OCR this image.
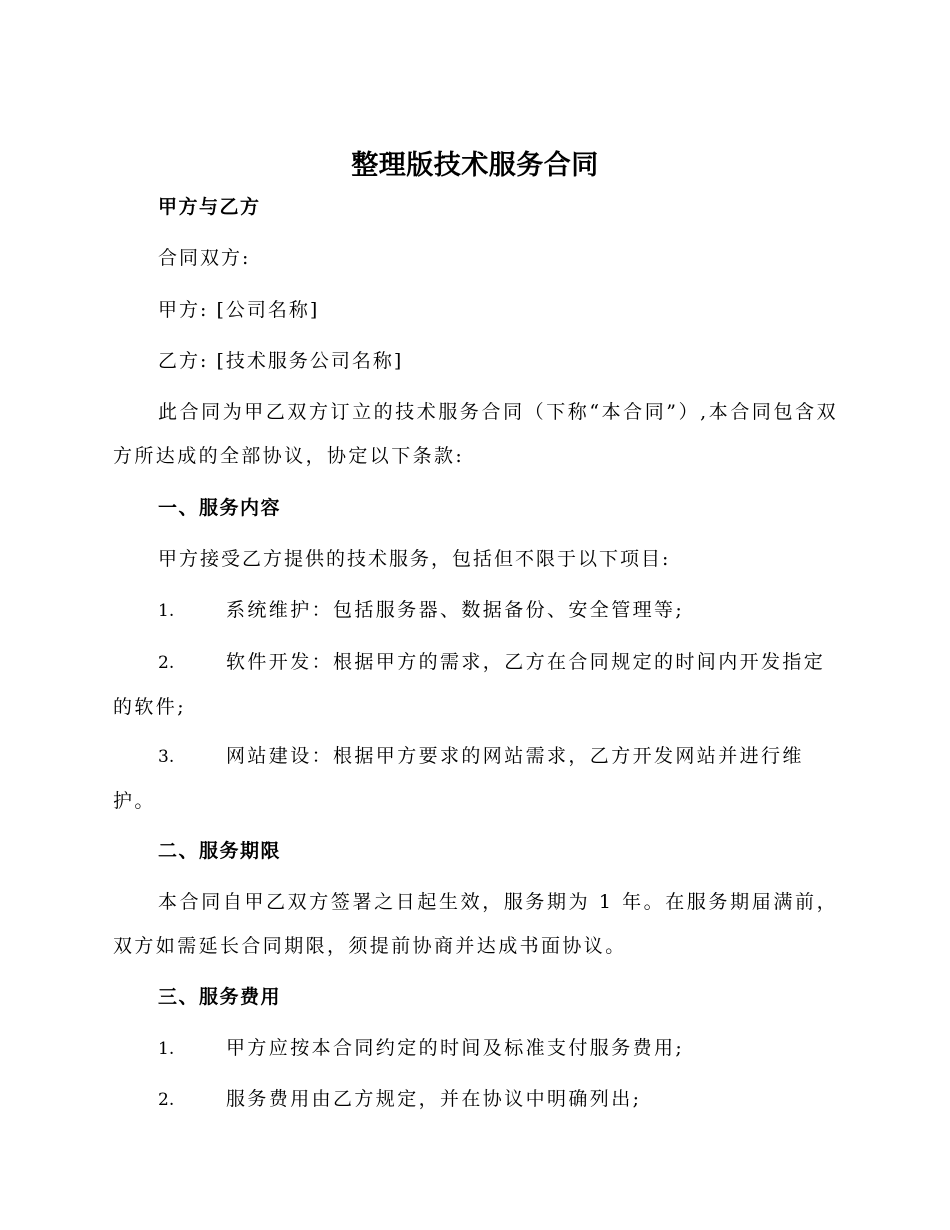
整理版技术服务合同
甲方与乙方
合同双方:
甲方: [公司名称]
乙方: [技术服务公司名称]

此合同为甲乙双方订立的技术服务合同（下称“本合同”）,本合同包含双方所达成的全部协议，协定以下条款:

一、服务内容
甲方接受乙方提供的技术服务，包括但不限于以下项目:

1.	系统维护：包括服务器、数据备份、安全管理等;

2.	软件开发：根据甲方的需求，乙方在合同规定的时间内开发指定的软件;

3.	网站建设：根据甲方要求的网站需求，乙方开发网站并进行维护。

二、服务期限

本合同自甲乙双方签署之日起生效，服务期为 1 年。在服务期届满前，双方如需延长合同期限，须提前协商并达成书面协议。

三、服务费用

1.	甲方应按本合同约定的时间及标准支付服务费用;

2.	服务费用由乙方规定，并在协议中明确列出;
